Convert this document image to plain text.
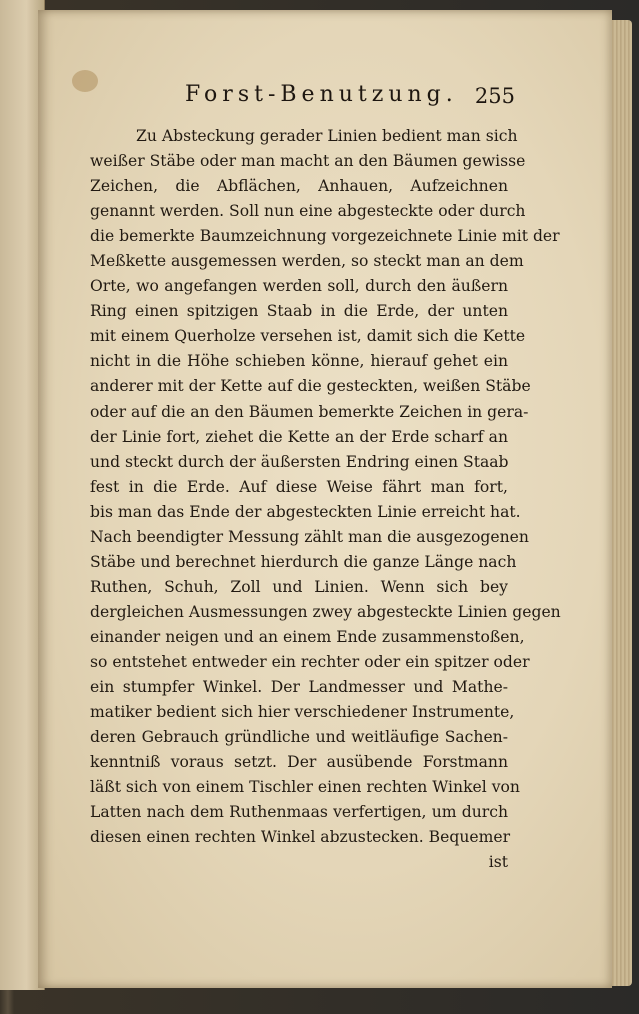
Forst-Benutzung. 255
Zu Absteckung gerader Linien bedient man sich
weißer Stäbe oder man macht an den Bäumen gewisse
Zeichen, die Abflächen, Anhauen, Aufzeichnen
genannt werden. Soll nun eine abgesteckte oder durch
die bemerkte Baumzeichnung vorgezeichnete Linie mit der
Meßkette ausgemessen werden, so steckt man an dem
Orte, wo angefangen werden soll, durch den äußern
Ring einen spitzigen Staab in die Erde, der unten
mit einem Querholze versehen ist, damit sich die Kette
nicht in die Höhe schieben könne, hierauf gehet ein
anderer mit der Kette auf die gesteckten, weißen Stäbe
oder auf die an den Bäumen bemerkte Zeichen in gera-
der Linie fort, ziehet die Kette an der Erde scharf an
und steckt durch der äußersten Endring einen Staab
fest in die Erde. Auf diese Weise fährt man fort,
bis man das Ende der abgesteckten Linie erreicht hat.
Nach beendigter Messung zählt man die ausgezogenen
Stäbe und berechnet hierdurch die ganze Länge nach
Ruthen, Schuh, Zoll und Linien. Wenn sich bey
dergleichen Ausmessungen zwey abgesteckte Linien gegen
einander neigen und an einem Ende zusammenstoßen,
so entstehet entweder ein rechter oder ein spitzer oder
ein stumpfer Winkel. Der Landmesser und Mathe-
matiker bedient sich hier verschiedener Instrumente,
deren Gebrauch gründliche und weitläufige Sachen-
kenntniß voraus setzt. Der ausübende Forstmann
läßt sich von einem Tischler einen rechten Winkel von
Latten nach dem Ruthenmaas verfertigen, um durch
diesen einen rechten Winkel abzustecken. Bequemer
ist
